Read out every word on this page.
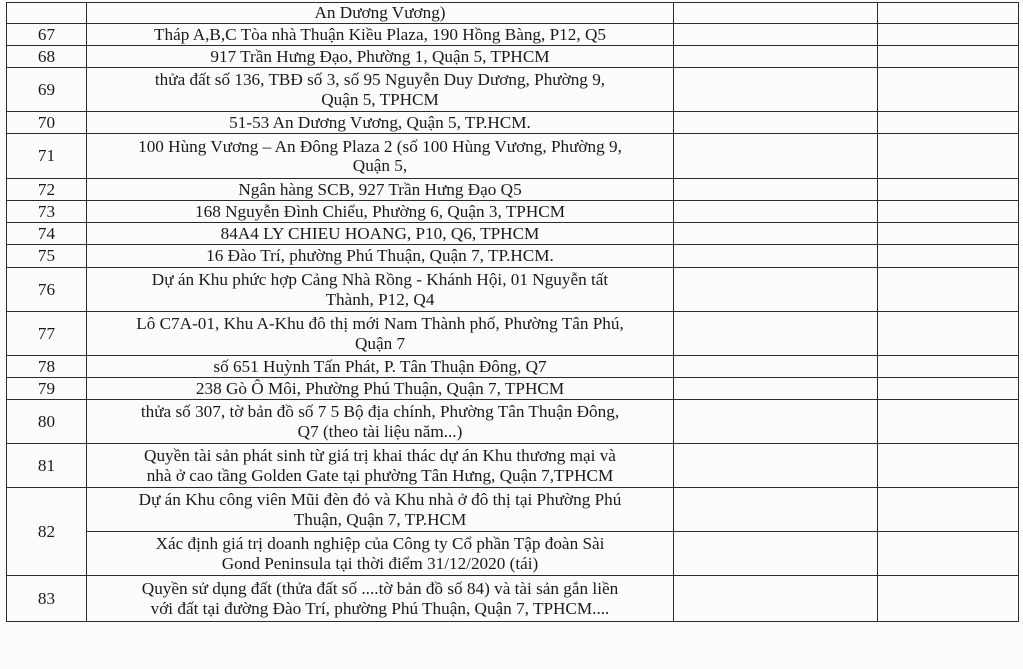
	An Dương Vương)		
67	Tháp A,B,C Tòa nhà Thuận Kiều Plaza, 190 Hồng Bàng, P12, Q5		
68	917 Trần Hưng Đạo, Phường 1, Quận 5, TPHCM		
69	thửa đất số 136, TBĐ số 3, số 95 Nguyễn Duy Dương, Phường 9,
Quận 5, TPHCM		

70	51-53 An Dương Vương, Quận 5, TP.HCM.		
71	100 Hùng Vương – An Đông Plaza 2 (số 100 Hùng Vương, Phường 9,
Quận 5,		

72	Ngân hàng SCB, 927 Trần Hưng Đạo Q5		
73	168 Nguyễn Đình Chiểu, Phường 6, Quận 3, TPHCM		
74	84A4 LY CHIEU HOANG, P10, Q6, TPHCM		
75	16 Đào Trí, phường Phú Thuận, Quận 7, TP.HCM.		
76	Dự án Khu phức hợp Cảng Nhà Rồng - Khánh Hội, 01 Nguyễn tất
Thành, P12, Q4		

77	Lô C7A-01, Khu A-Khu đô thị mới Nam Thành phố, Phường Tân Phú,
Quận 7		

78	số 651 Huỳnh Tấn Phát, P. Tân Thuận Đông, Q7		
79	238 Gò Ô Môi, Phường Phú Thuận, Quận 7, TPHCM		
80	thửa số 307, tờ bản đồ số 7 5 Bộ địa chính, Phường Tân Thuận Đông,
Q7 (theo tài liệu năm...)		

81	Quyền tài sản phát sinh từ giá trị khai thác dự án Khu thương mại và
nhà ở cao tầng Golden Gate tại phường Tân Hưng, Quận 7,TPHCM		

82	Dự án Khu công viên Mũi đèn đỏ và Khu nhà ở đô thị tại Phường Phú
Thuận, Quận 7, TP.HCM		

	Xác định giá trị doanh nghiệp của Công ty Cổ phần Tập đoàn Sài
Gond Peninsula tại thời điểm 31/12/2020 (tái)		

83	Quyền sử dụng đất (thửa đất số ....tờ bản đồ số 84) và tài sản gắn liền
với đất tại đường Đào Trí, phường Phú Thuận, Quận 7, TPHCM....		
